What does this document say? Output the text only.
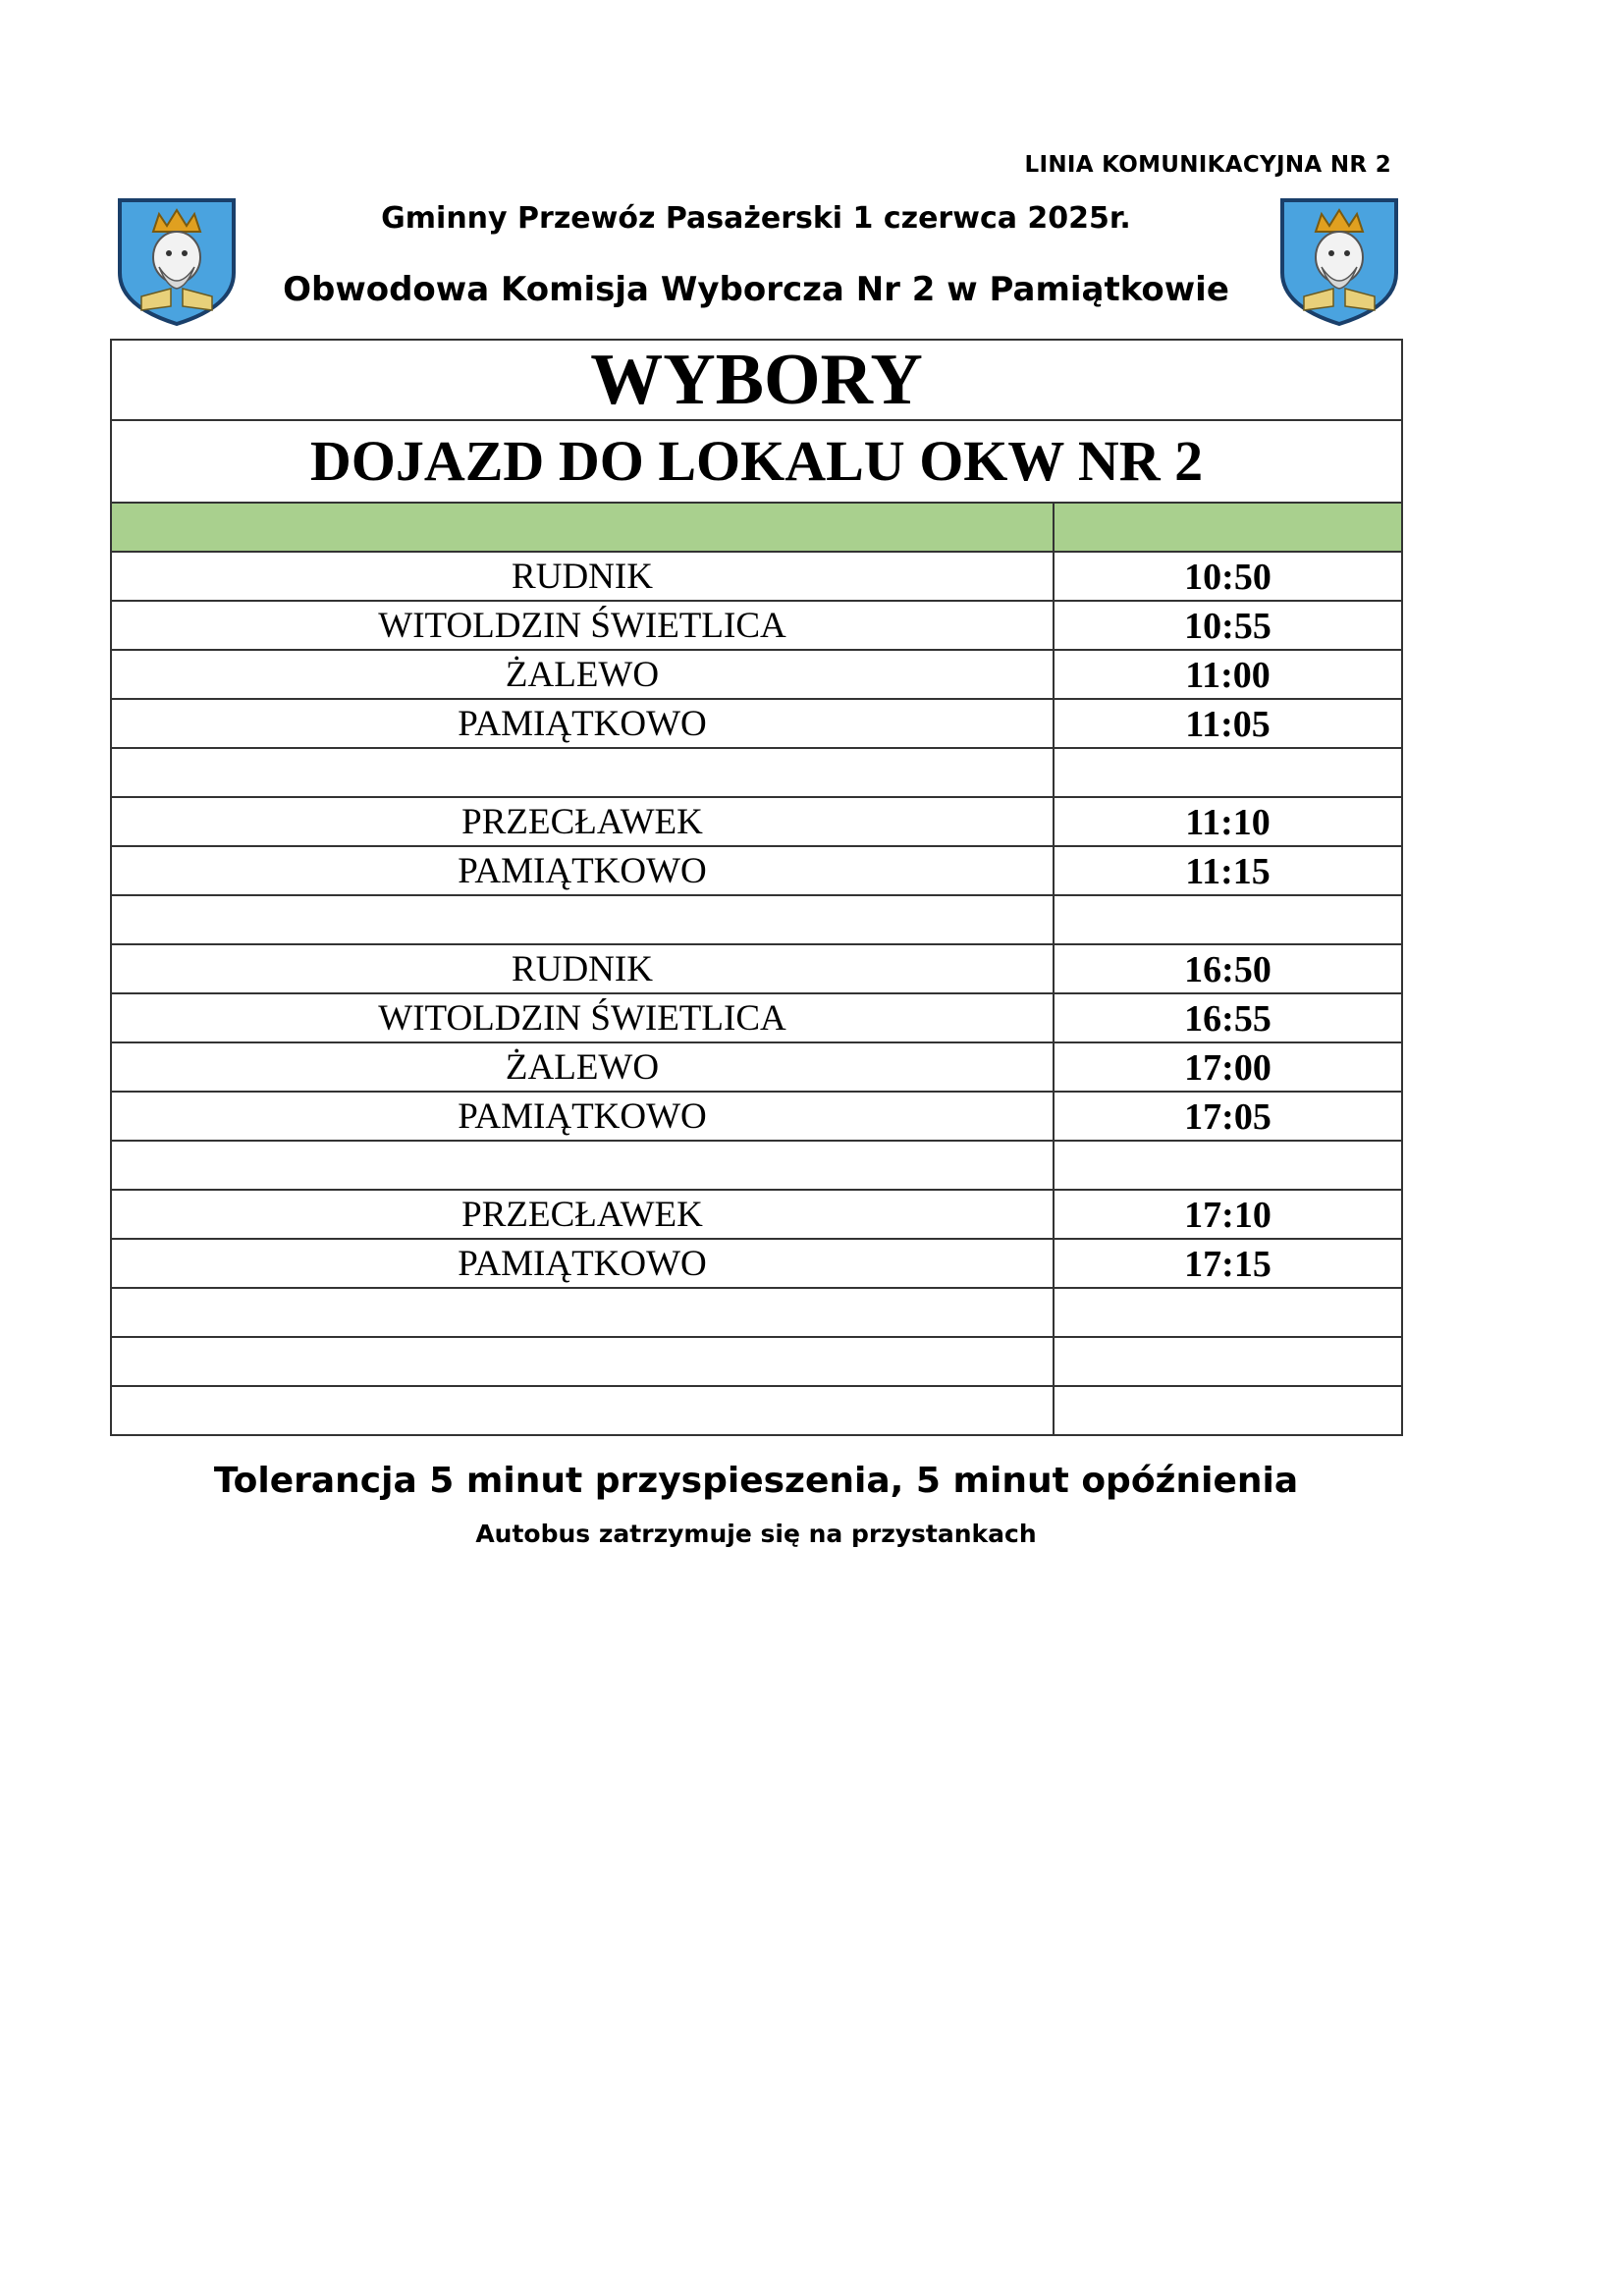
LINIA KOMUNIKACYJNA NR 2
Gminny Przewóz Pasażerski 1 czerwca 2025r.
Obwodowa Komisja Wyborcza Nr 2 w Pamiątkowie
WYBORY	
DOJAZD DO LOKALU OKW NR 2	

RUDNIK	10:50
WITOLDZIN ŚWIETLICA	10:55
ŻALEWO	11:00
PAMIĄTKOWO	11:05

PRZECŁAWEK	11:10
PAMIĄTKOWO	11:15

RUDNIK	16:50
WITOLDZIN ŚWIETLICA	16:55
ŻALEWO	17:00
PAMIĄTKOWO	17:05

PRZECŁAWEK	17:10
PAMIĄTKOWO	17:15

Tolerancja 5 minut przyspieszenia, 5 minut opóźnienia
Autobus zatrzymuje się na przystankach
